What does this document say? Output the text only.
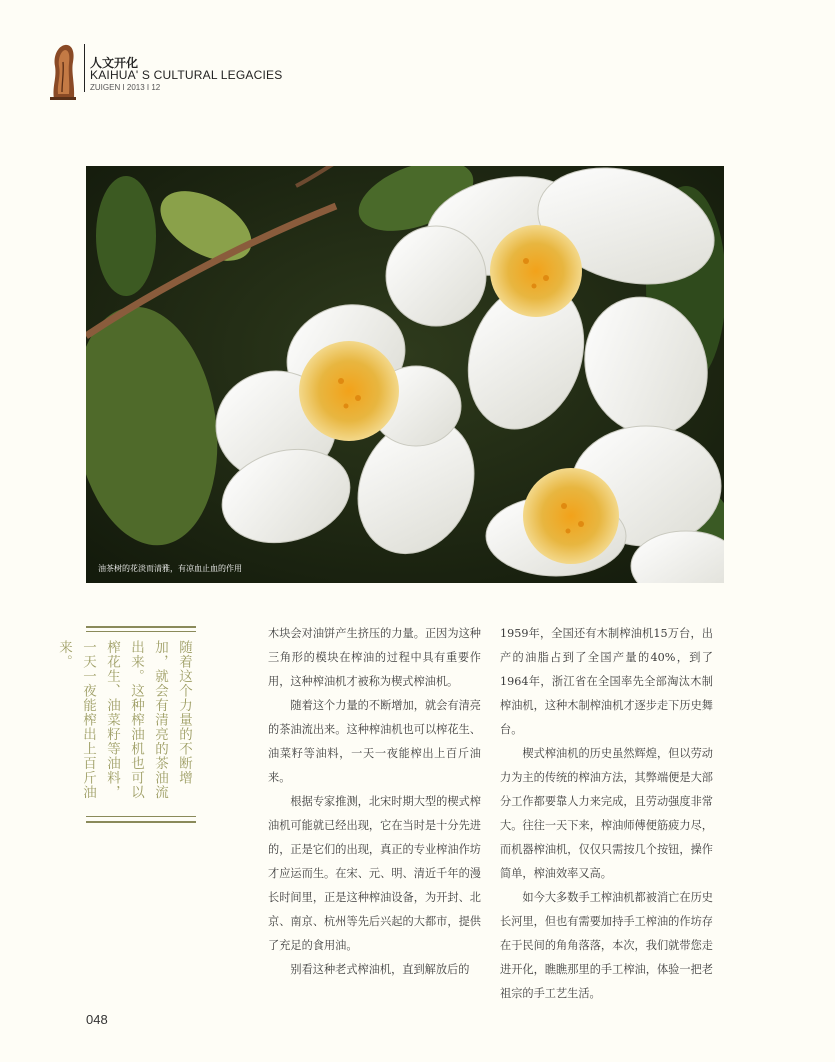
人文开化
KAIHUA' S CULTURAL LEGACIES
ZUIGEN I 2013 I 12
油茶树的花淡而清雅，有凉血止血的作用
随着这个力量的不断增加，就会有清亮的茶油流出来。这种榨油机也可以榨花生、油菜籽等油料，一天一夜能榨出上百斤油来。

木块会对油饼产生挤压的力量。正因为这种三角形的模块在榨油的过程中具有重要作用，这种榨油机才被称为楔式榨油机。

随着这个力量的不断增加，就会有清亮的茶油流出来。这种榨油机也可以榨花生、油菜籽等油料，一天一夜能榨出上百斤油来。

根据专家推测，北宋时期大型的楔式榨油机可能就已经出现，它在当时是十分先进的，正是它们的出现，真正的专业榨油作坊才应运而生。在宋、元、明、清近千年的漫长时间里，正是这种榨油设备，为开封、北京、南京、杭州等先后兴起的大都市，提供了充足的食用油。

别看这种老式榨油机，直到解放后的

1959年，全国还有木制榨油机15万台，出产的油脂占到了全国产量的40%，到了1964年，浙江省在全国率先全部淘汰木制榨油机，这种木制榨油机才逐步走下历史舞台。

楔式榨油机的历史虽然辉煌，但以劳动力为主的传统的榨油方法，其弊端便是大部分工作都要靠人力来完成，且劳动强度非常大。往往一天下来，榨油师傅便筋疲力尽，而机器榨油机，仅仅只需按几个按钮，操作简单，榨油效率又高。

如今大多数手工榨油机都被消亡在历史长河里，但也有需要加持手工榨油的作坊存在于民间的角角落落，本次，我们就带您走进开化，瞧瞧那里的手工榨油，体验一把老祖宗的手工艺生活。

048
